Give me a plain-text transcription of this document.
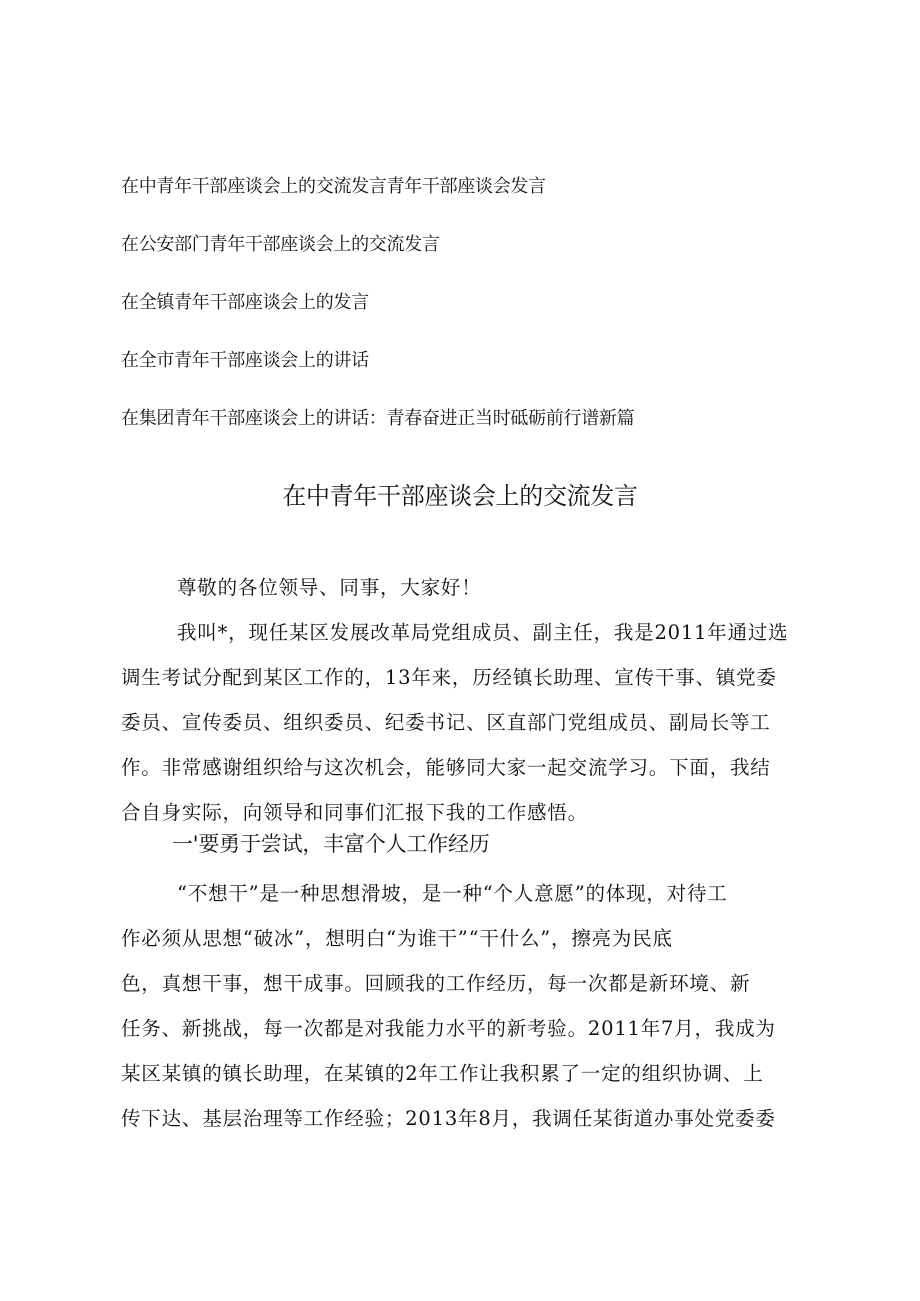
在中青年干部座谈会上的交流发言青年干部座谈会发言
在公安部门青年干部座谈会上的交流发言
在全镇青年干部座谈会上的发言
在全市青年干部座谈会上的讲话
在集团青年干部座谈会上的讲话：青春奋进正当时砥砺前行谱新篇
在中青年干部座谈会上的交流发言
尊敬的各位领导、同事，大家好！
我叫*，现任某区发展改革局党组成员、副主任，我是2011年通过选
调生考试分配到某区工作的，13年来，历经镇长助理、宣传干事、镇党委
委员、宣传委员、组织委员、纪委书记、区直部门党组成员、副局长等工
作。非常感谢组织给与这次机会，能够同大家一起交流学习。下面，我结
合自身实际，向领导和同事们汇报下我的工作感悟。
一'要勇于尝试，丰富个人工作经历
“不想干”是一种思想滑坡，是一种“个人意愿”的体现，对待工
作必须从思想“破冰”，想明白“为谁干”“干什么”，擦亮为民底
色，真想干事，想干成事。回顾我的工作经历，每一次都是新环境、新
任务、新挑战，每一次都是对我能力水平的新考验。2011年7月，我成为
某区某镇的镇长助理，在某镇的2年工作让我积累了一定的组织协调、上
传下达、基层治理等工作经验；2013年8月，我调任某街道办事处党委委
